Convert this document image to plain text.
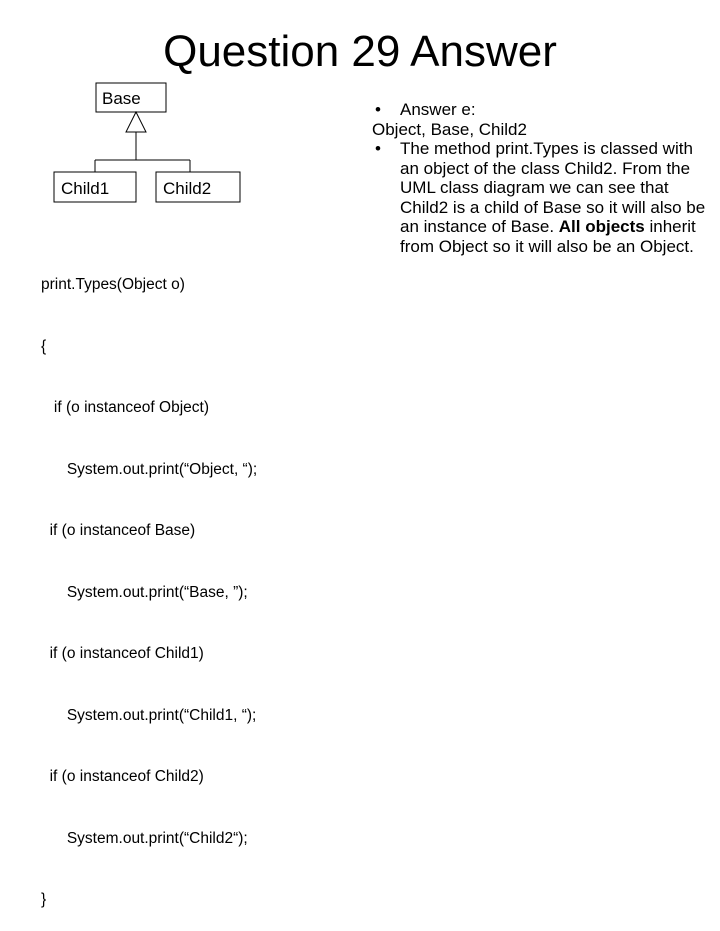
Question 29 Answer
Base
Child1	Child2

print.Types(Object o)

{

if (o instanceof Object)

System.out.print(“Object, “);

if (o instanceof Base)

System.out.print(“Base, ”);

if (o instanceof Child1)

System.out.print(“Child1, “);

if (o instanceof Child2)

System.out.print(“Child2“);

}

• Answer e:
Object, Base, Child2
• The method print.Types is classed with an object of the class Child2. From the UML class diagram we can see that Child2 is a child of Base so it will also be an instance of Base. All objects inherit from Object so it will also be an Object.
